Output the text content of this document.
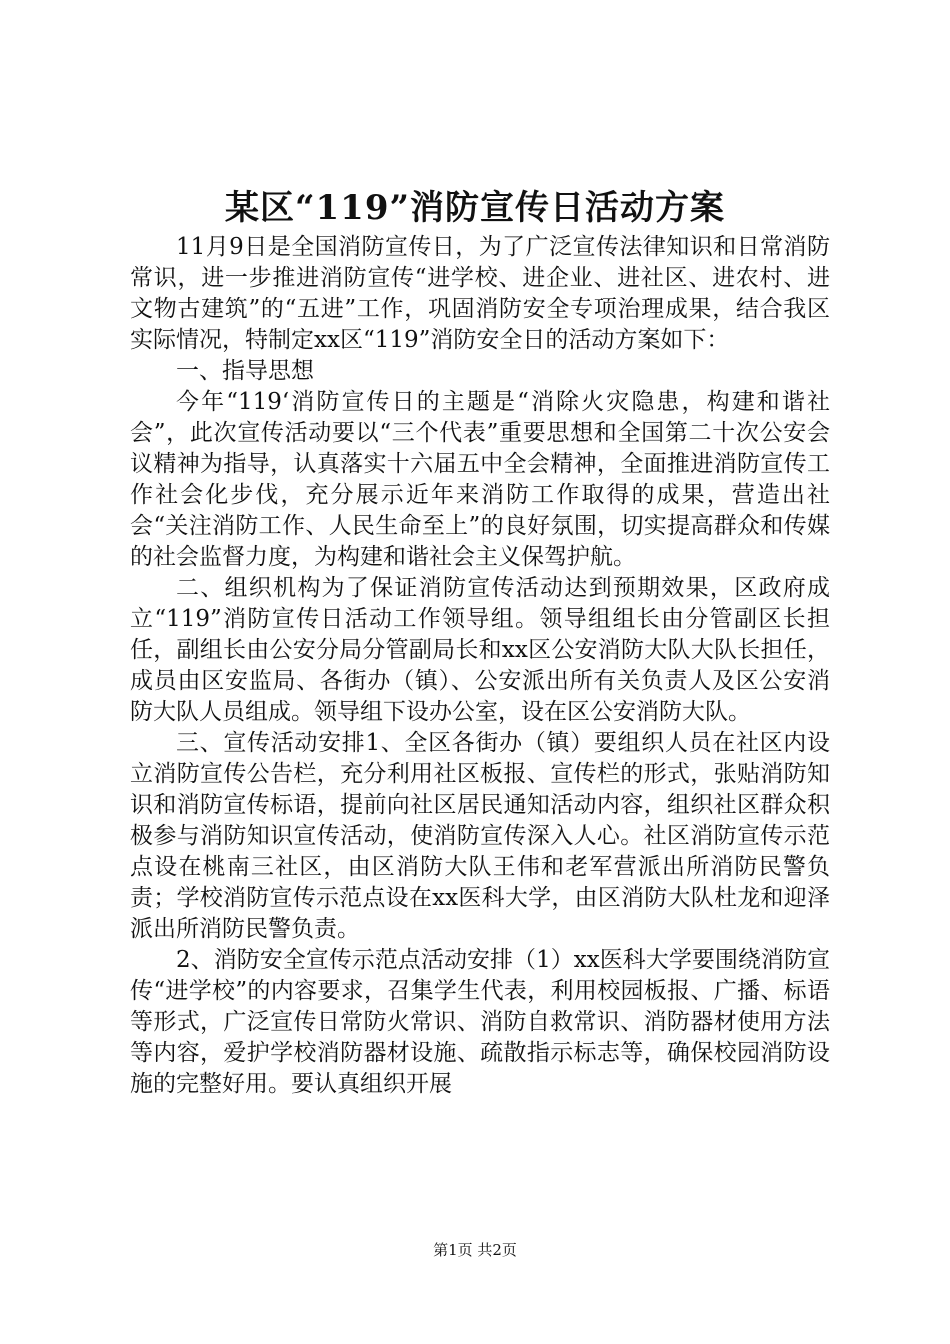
某区“119”消防宣传日活动方案

11月9日是全国消防宣传日，为了广泛宣传法律知识和日常消防常识，进一步推进消防宣传“进学校、进企业、进社区、进农村、进文物古建筑”的“五进”工作，巩固消防安全专项治理成果，结合我区实际情况，特制定xx区“119”消防安全日的活动方案如下：

一、指导思想

今年“119‘消防宣传日的主题是“消除火灾隐患，构建和谐社会”，此次宣传活动要以“三个代表”重要思想和全国第二十次公安会议精神为指导，认真落实十六届五中全会精神，全面推进消防宣传工作社会化步伐，充分展示近年来消防工作取得的成果，营造出社会“关注消防工作、人民生命至上”的良好氛围，切实提高群众和传媒的社会监督力度，为构建和谐社会主义保驾护航。

二、组织机构为了保证消防宣传活动达到预期效果，区政府成立“119”消防宣传日活动工作领导组。领导组组长由分管副区长担任，副组长由公安分局分管副局长和xx区公安消防大队大队长担任，成员由区安监局、各街办（镇）、公安派出所有关负责人及区公安消防大队人员组成。领导组下设办公室，设在区公安消防大队。

三、宣传活动安排1、全区各街办（镇）要组织人员在社区内设立消防宣传公告栏，充分利用社区板报、宣传栏的形式，张贴消防知识和消防宣传标语，提前向社区居民通知活动内容，组织社区群众积极参与消防知识宣传活动，使消防宣传深入人心。社区消防宣传示范点设在桃南三社区，由区消防大队王伟和老军营派出所消防民警负责；学校消防宣传示范点设在xx医科大学，由区消防大队杜龙和迎泽派出所消防民警负责。

2、消防安全宣传示范点活动安排（1）xx医科大学要围绕消防宣传“进学校”的内容要求，召集学生代表，利用校园板报、广播、标语等形式，广泛宣传日常防火常识、消防自救常识、消防器材使用方法等内容，爱护学校消防器材设施、疏散指示标志等，确保校园消防设施的完整好用。要认真组织开展

第1页 共2页
